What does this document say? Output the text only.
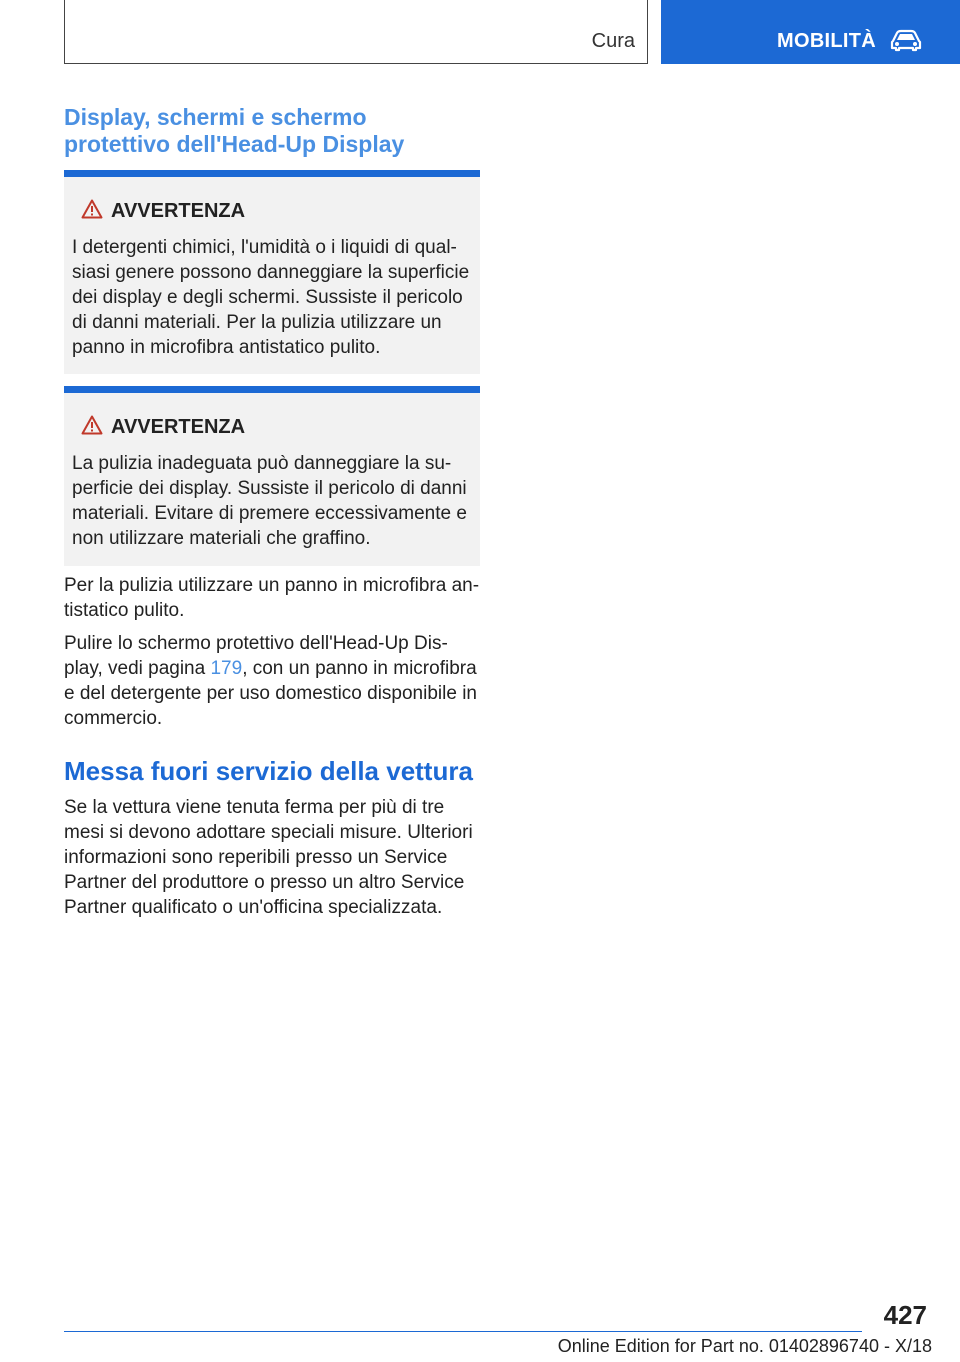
Cura	MOBILITÀ
Display, schermi e schermo
protettivo dell'Head-Up Display
AVVERTENZA

I detergenti chimici, l'umidità o i liquidi di qualsiasi genere possono danneggiare la superficie dei display e degli schermi. Sussiste il pericolo di danni materiali. Per la pulizia utilizzare un panno in microfibra antistatico pulito.

AVVERTENZA

La pulizia inadeguata può danneggiare la superficie dei display. Sussiste il pericolo di danni materiali. Evitare di premere eccessivamente e non utilizzare materiali che graffino.

Per la pulizia utilizzare un panno in microfibra antistatico pulito.

Pulire lo schermo protettivo dell'Head-Up Display, vedi pagina 179, con un panno in microfibra e del detergente per uso domestico disponibile in commercio.

Messa fuori servizio della vettura

Se la vettura viene tenuta ferma per più di tre mesi si devono adottare speciali misure. Ulteriori informazioni sono reperibili presso un Service Partner del produttore o presso un altro Service Partner qualificato o un'officina specializzata.

427
Online Edition for Part no. 01402896740 - X/18
